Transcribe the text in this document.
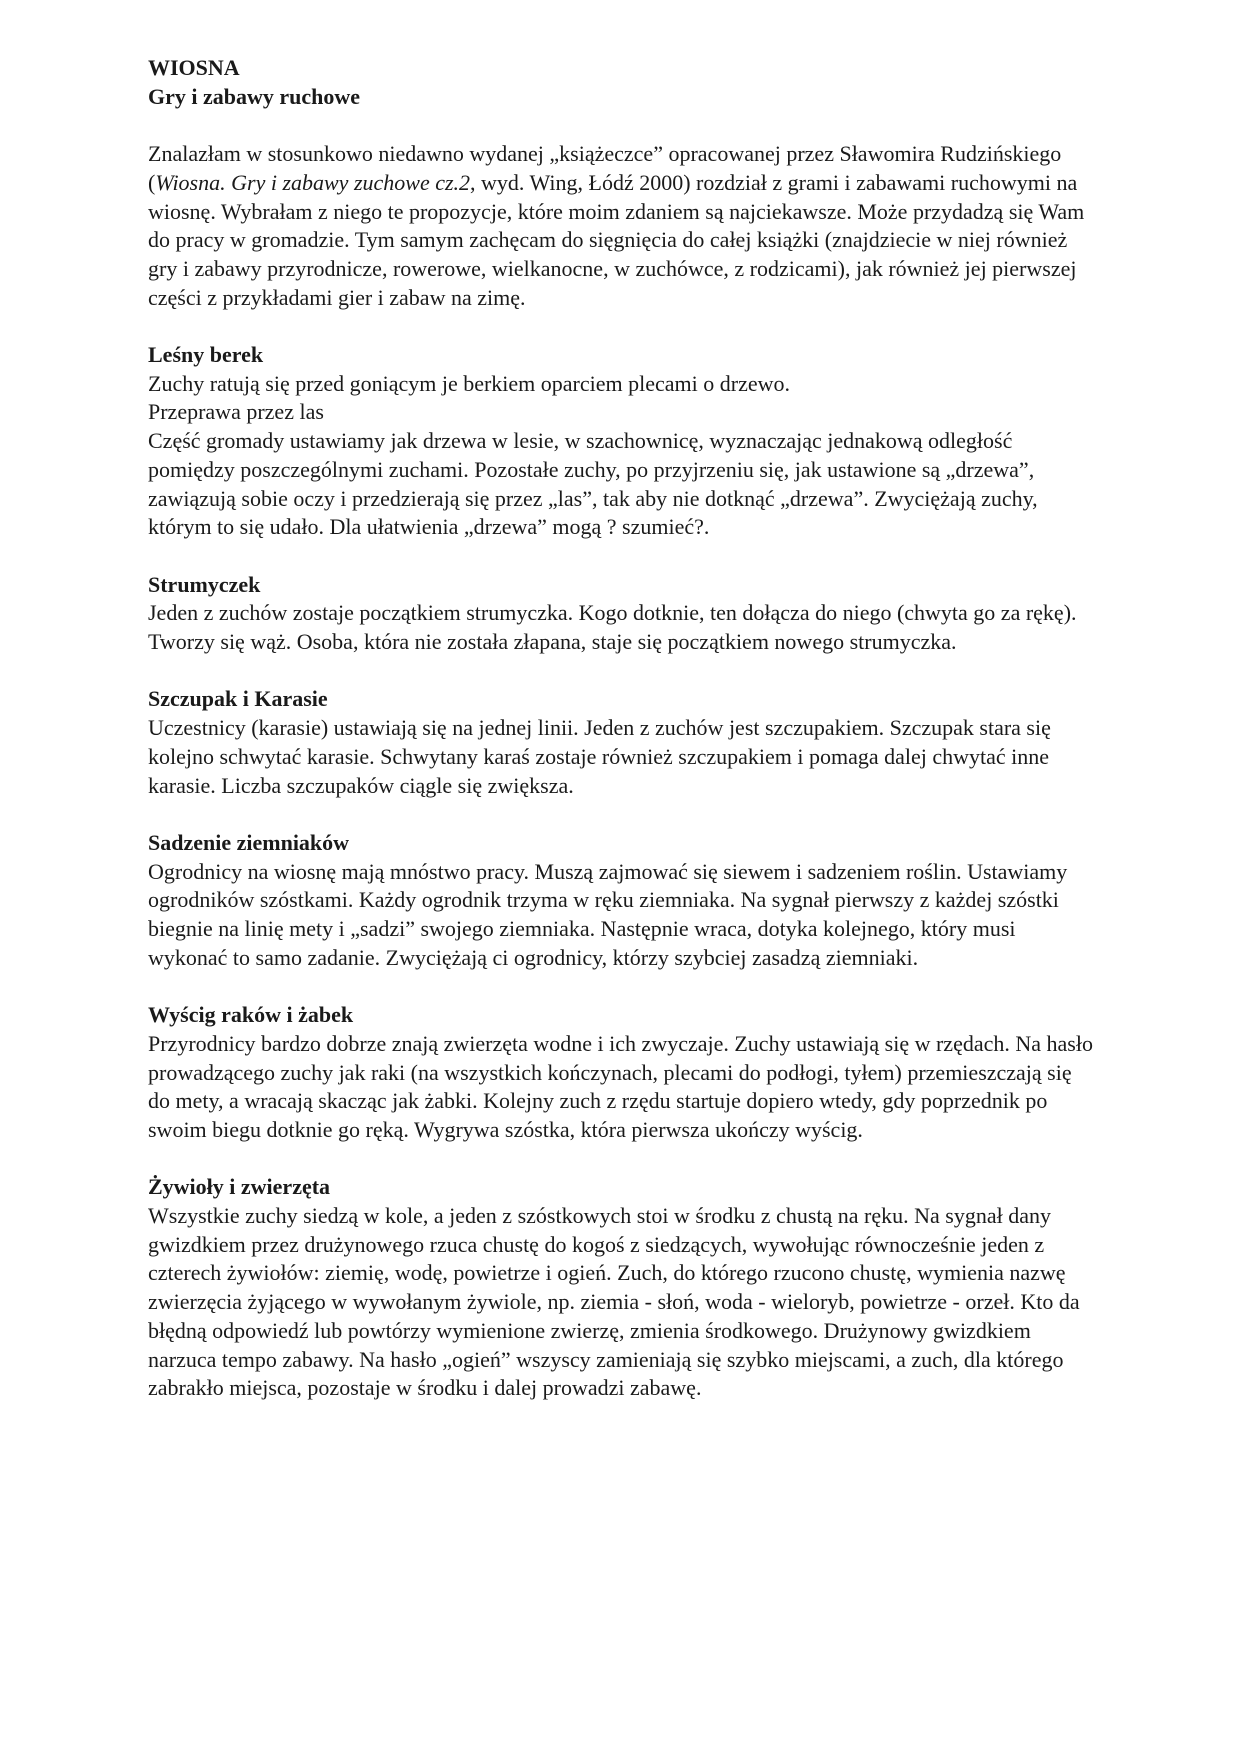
WIOSNA

Gry i zabawy ruchowe

Znalazłam w stosunkowo niedawno wydanej „książeczce” opracowanej przez Sławomira Rudzińskiego (Wiosna. Gry i zabawy zuchowe cz.2, wyd. Wing, Łódź 2000) rozdział z grami i zabawami ruchowymi na wiosnę. Wybrałam z niego te propozycje, które moim zdaniem są najciekawsze. Może przydadzą się Wam do pracy w gromadzie. Tym samym zachęcam do sięgnięcia do całej książki (znajdziecie w niej również gry i zabawy przyrodnicze, rowerowe, wielkanocne, w zuchówce, z rodzicami), jak również jej pierwszej części z przykładami gier i zabaw na zimę.

Leśny berek

Zuchy ratują się przed goniącym je berkiem oparciem plecami o drzewo.

Przeprawa przez las

Część gromady ustawiamy jak drzewa w lesie, w szachownicę, wyznaczając jednakową odległość pomiędzy poszczególnymi zuchami. Pozostałe zuchy, po przyjrzeniu się, jak ustawione są „drzewa”, zawiązują sobie oczy i przedzierają się przez „las”, tak aby nie dotknąć „drzewa”. Zwyciężają zuchy, którym to się udało. Dla ułatwienia „drzewa” mogą ? szumieć?.

Strumyczek

Jeden z zuchów zostaje początkiem strumyczka. Kogo dotknie, ten dołącza do niego (chwyta go za rękę). Tworzy się wąż. Osoba, która nie została złapana, staje się początkiem nowego strumyczka.

Szczupak i Karasie

Uczestnicy (karasie) ustawiają się na jednej linii. Jeden z zuchów jest szczupakiem. Szczupak stara się kolejno schwytać karasie. Schwytany karaś zostaje również szczupakiem i pomaga dalej chwytać inne karasie. Liczba szczupaków ciągle się zwiększa.

Sadzenie ziemniaków

Ogrodnicy na wiosnę mają mnóstwo pracy. Muszą zajmować się siewem i sadzeniem roślin. Ustawiamy ogrodników szóstkami. Każdy ogrodnik trzyma w ręku ziemniaka. Na sygnał pierwszy z każdej szóstki biegnie na linię mety i „sadzi” swojego ziemniaka. Następnie wraca, dotyka kolejnego, który musi wykonać to samo zadanie. Zwyciężają ci ogrodnicy, którzy szybciej zasadzą ziemniaki.

Wyścig raków i żabek

Przyrodnicy bardzo dobrze znają zwierzęta wodne i ich zwyczaje. Zuchy ustawiają się w rzędach. Na hasło prowadzącego zuchy jak raki (na wszystkich kończynach, plecami do podłogi, tyłem) przemieszczają się do mety, a wracają skacząc jak żabki. Kolejny zuch z rzędu startuje dopiero wtedy, gdy poprzednik po swoim biegu dotknie go ręką. Wygrywa szóstka, która pierwsza ukończy wyścig.

Żywioły i zwierzęta

Wszystkie zuchy siedzą w kole, a jeden z szóstkowych stoi w środku z chustą na ręku. Na sygnał dany gwizdkiem przez drużynowego rzuca chustę do kogoś z siedzących, wywołując równocześnie jeden z czterech żywiołów: ziemię, wodę, powietrze i ogień. Zuch, do którego rzucono chustę, wymienia nazwę zwierzęcia żyjącego w wywołanym żywiole, np. ziemia - słoń, woda - wieloryb, powietrze - orzeł. Kto da błędną odpowiedź lub powtórzy wymienione zwierzę, zmienia środkowego. Drużynowy gwizdkiem narzuca tempo zabawy. Na hasło „ogień” wszyscy zamieniają się szybko miejscami, a zuch, dla którego zabrakło miejsca, pozostaje w środku i dalej prowadzi zabawę.
